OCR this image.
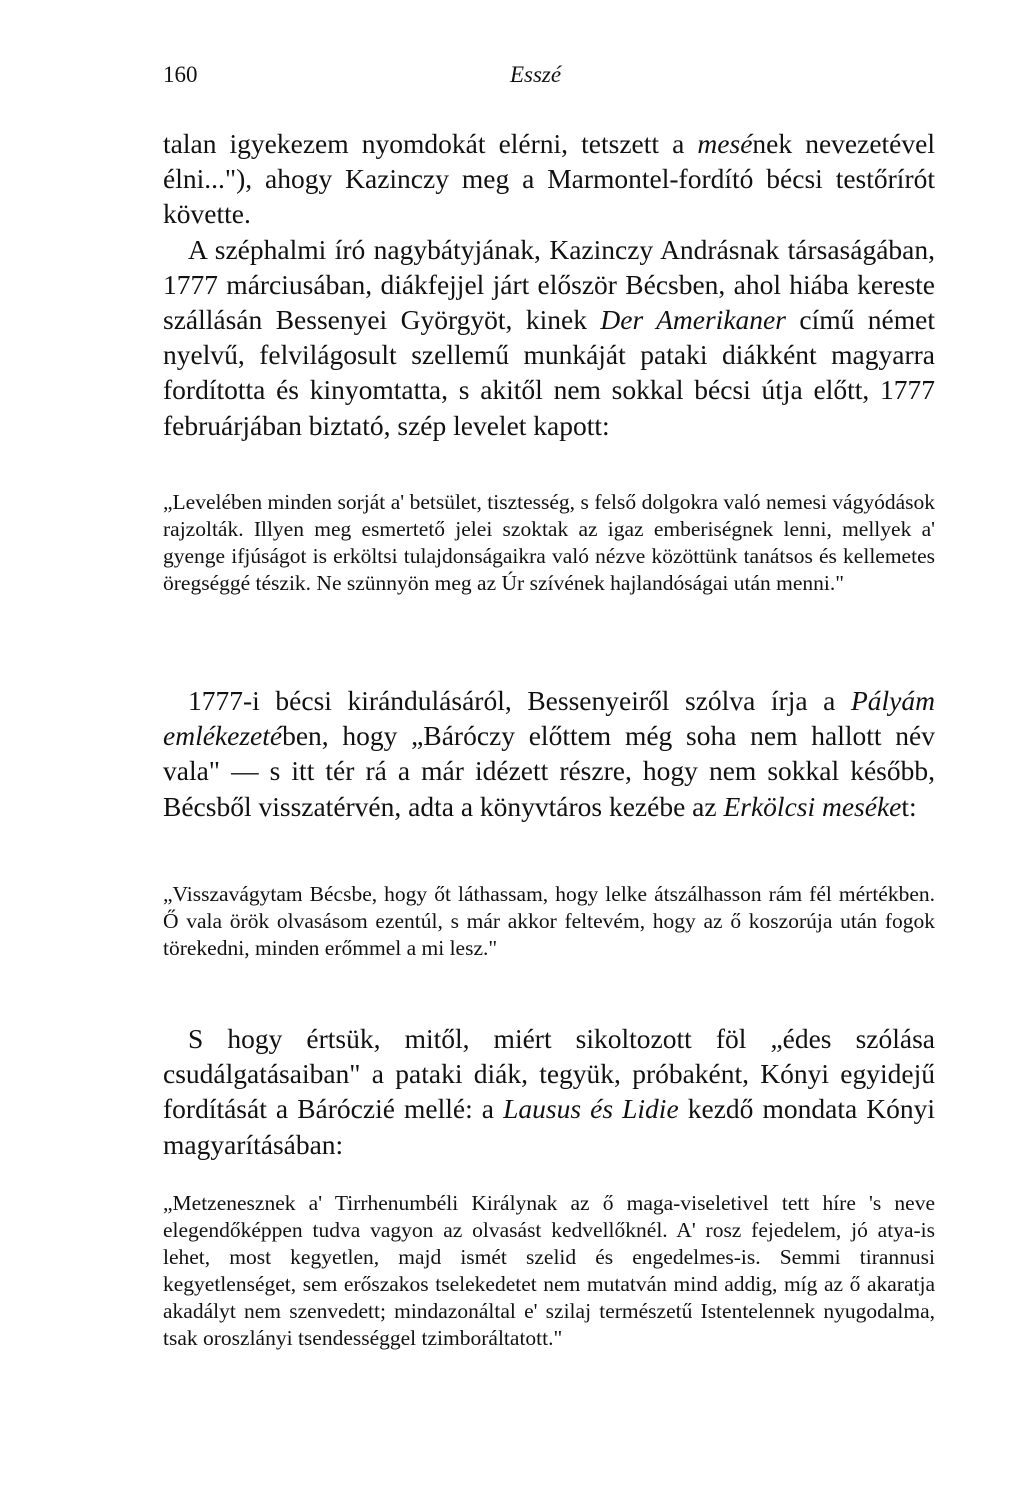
160	Esszé

talan igyekezem nyomdokát elérni, tetszett a mesének nevezetével élni..."), ahogy Kazinczy meg a Marmontel-fordító bécsi testőrírót követte.

A széphalmi író nagybátyjának, Kazinczy Andrásnak társaságában, 1777 márciusában, diákfejjel járt először Bécsben, ahol hiába kereste szállásán Bessenyei Györgyöt, kinek Der Amerikaner című német nyelvű, felvilágosult szellemű munkáját pataki diákként magyarra fordította és kinyomtatta, s akitől nem sokkal bécsi útja előtt, 1777 februárjában biztató, szép levelet kapott:

„Levelében minden sorját a' betsület, tisztesség, s felső dolgokra való nemesi vágyódások rajzolták. Illyen meg esmertető jelei szoktak az igaz emberiségnek lenni, mellyek a' gyenge ifjúságot is erköltsi tulajdonságaikra való nézve közöttünk tanátsos és kellemetes öregséggé tészik. Ne szünnyön meg az Úr szívének hajlandóságai után menni."

1777-i bécsi kirándulásáról, Bessenyeiről szólva írja a Pályám emlékezetében, hogy „Báróczy előttem még soha nem hallott név vala" — s itt tér rá a már idézett részre, hogy nem sokkal később, Bécsből visszatérvén, adta a könyvtáros kezébe az Erkölcsi meséket:

„Visszavágytam Bécsbe, hogy őt láthassam, hogy lelke átszálhasson rám fél mértékben. Ő vala örök olvasásom ezentúl, s már akkor feltevém, hogy az ő koszorúja után fogok törekedni, minden erőmmel a mi lesz."

S hogy értsük, mitől, miért sikoltozott föl „édes szólása csudálgatásaiban" a pataki diák, tegyük, próbaként, Kónyi egyidejű fordítását a Báróczié mellé: a Lausus és Lidie kezdő mondata Kónyi magyarításában:

„Metzenesznek a' Tirrhenumbéli Királynak az ő maga-viseletivel tett híre 's neve elegendőképpen tudva vagyon az olvasást kedvellőknél. A' rosz fejedelem, jó atya-is lehet, most kegyetlen, majd ismét szelid és engedelmes-is. Semmi tirannusi kegyetlenséget, sem erőszakos tselekedetet nem mutatván mind addig, míg az ő akaratja akadályt nem szenvedett; mindazonáltal e' szilaj természetű Istentelennek nyugodalma, tsak oroszlányi tsendességgel tzimboráltatott."
